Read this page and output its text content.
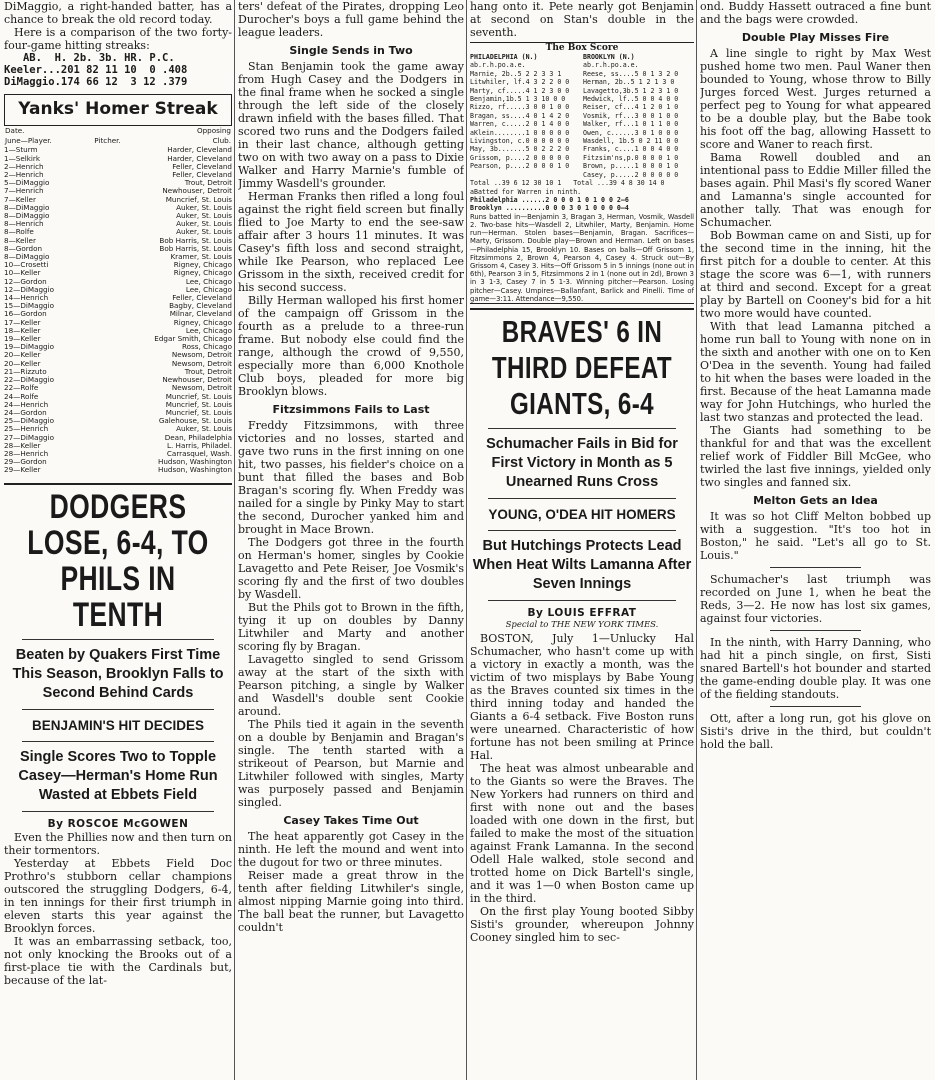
DiMaggio, a right-handed batter, has a chance to break the old record today.

Here is a comparison of the two forty-four-game hitting streaks:

AB.  H. 2b. 3b. HR. P.C.

Keeler...201 82 11 10  0 .408

DiMaggio.174 66 12  3 12 .379

Yanks' Homer Streak
Date.		Opposing
June—Player.	Pitcher.	Club.
1—Sturm	Harder, Cleveland	
1—Selkirk	Harder, Cleveland	
2—Henrich	Feller, Cleveland	
2—Henrich	Feller, Cleveland	
5—DiMaggio	Trout, Detroit	
7—Henrich	Newhouser, Detroit	
7—Keller	Muncrief, St. Louis	
8—DiMaggio	Auker, St. Louis	
8—DiMaggio	Auker, St. Louis	
8—Henrich	Auker, St. Louis	
8—Rolfe	Auker, St. Louis	
8—Keller	Bob Harris, St. Louis	
8—Gordon	Bob Harris, St. Louis	
8—DiMaggio	Kramer, St. Louis	
10—Crosetti	Rigney, Chicago	
10—Keller	Rigney, Chicago	
12—Gordon	Lee, Chicago	
12—DiMaggio	Lee, Chicago	
14—Henrich	Feller, Cleveland	
15—DiMaggio	Bagby, Cleveland	
16—Gordon	Milnar, Cleveland	
17—Keller	Rigney, Chicago	
18—Keller	Lee, Chicago	
19—Keller	Edgar Smith, Chicago	
19—DiMaggio	Ross, Chicago	
20—Keller	Newsom, Detroit	
20—Keller	Newsom, Detroit	
21—Rizzuto	Trout, Detroit	
22—DiMaggio	Newhouser, Detroit	
22—Rolfe	Newsom, Detroit	
24—Rolfe	Muncrief, St. Louis	
24—Henrich	Muncrief, St. Louis	
24—Gordon	Muncrief, St. Louis	
25—DiMaggio	Galehouse, St. Louis	
25—Henrich	Auker, St. Louis	
27—DiMaggio	Dean, Philadelphia	
28—Keller	L. Harris, Philadel.	
28—Henrich	Carrasquel, Wash.	
29—Gordon	Hudson, Washington	
29—Keller	Hudson, Washington	
DODGERS LOSE, 6-4, TO PHILS IN TENTH
Beaten by Quakers First Time This Season, Brooklyn Falls to Second Behind Cards
BENJAMIN'S HIT DECIDES
Single Scores Two to Topple Casey—Herman's Home Run Wasted at Ebbets Field
By ROSCOE McGOWEN

Even the Phillies now and then turn on their tormentors.

Yesterday at Ebbets Field Doc Prothro's stubborn cellar champions outscored the struggling Dodgers, 6-4, in ten innings for their first triumph in eleven starts this year against the Brooklyn forces.

It was an embarrassing setback, too, not only knocking the Brooks out of a first-place tie with the Cardinals but, because of the lat-

ters' defeat of the Pirates, dropping Leo Durocher's boys a full game behind the league leaders.

Single Sends in Two

Stan Benjamin took the game away from Hugh Casey and the Dodgers in the final frame when he socked a single through the left side of the closely drawn infield with the bases filled. That scored two runs and the Dodgers failed in their last chance, although getting two on with two away on a pass to Dixie Walker and Harry Marnie's fumble of Jimmy Wasdell's grounder.

Herman Franks then rifled a long foul against the right field screen but finally flied to Joe Marty to end the see-saw affair after 3 hours 11 minutes. It was Casey's fifth loss and second straight, while Ike Pearson, who replaced Lee Grissom in the sixth, received credit for his second success.

Billy Herman walloped his first homer of the campaign off Grissom in the fourth as a prelude to a three-run frame. But nobody else could find the range, although the crowd of 9,550, especially more than 6,000 Knothole Club boys, pleaded for more big Brooklyn blows.

Fitzsimmons Fails to Last

Freddy Fitzsimmons, with three victories and no losses, started and gave two runs in the first inning on one hit, two passes, his fielder's choice on a bunt that filled the bases and Bob Bragan's scoring fly. When Freddy was nailed for a single by Pinky May to start the second, Durocher yanked him and brought in Mace Brown.

The Dodgers got three in the fourth on Herman's homer, singles by Cookie Lavagetto and Pete Reiser, Joe Vosmik's scoring fly and the first of two doubles by Wasdell.

But the Phils got to Brown in the fifth, tying it up on doubles by Danny Litwhiler and Marty and another scoring fly by Bragan.

Lavagetto singled to send Grissom away at the start of the sixth with Pearson pitching, a single by Walker and Wasdell's double sent Cookie around.

The Phils tied it again in the seventh on a double by Benjamin and Bragan's single. The tenth started with a strikeout of Pearson, but Marnie and Litwhiler followed with singles, Marty was purposely passed and Benjamin singled.

Casey Takes Time Out

The heat apparently got Casey in the ninth. He left the mound and went into the dugout for two or three minutes.

Reiser made a great throw in the tenth after fielding Litwhiler's single, almost nipping Marnie going into third. The ball beat the runner, but Lavagetto couldn't

hang onto it. Pete nearly got Benjamin at second on Stan's double in the seventh.

The Box Score
PHILADELPHIA (N.)
ab.r.h.po.a.e.
Marnie, 2b..5 2 2 3 3 1
Litwhiler, lf.4 3 2 2 0 0
Marty, cf.....4 1 2 3 0 0
Benjamin,1b.5 1 3 10 0 0
Rizzo, rf.....3 0 0 1 0 0
Bragan, ss....4 0 1 4 2 0
Warren, c.....2 0 1 4 0 0
aKlein........1 0 0 0 0 0
Livingston, c.0 0 0 0 0 0
May, 3b.......5 0 2 2 2 0
Grissom, p....2 0 0 0 0 0
Pearson, p....2 0 0 0 1 0
BROOKLYN (N.)
ab.r.h.po.a.e.
Reese, ss....5 0 1 3 2 0
Herman, 2b..5 1 2 1 3 0
Lavagetto,3b.5 1 2 3 1 0
Medwick, lf..5 0 0 4 0 0
Reiser, cf...4 1 2 0 1 0
Vosmik, rf...3 0 0 1 0 0
Walker, rf...1 0 1 1 0 0
Owen, c......3 0 1 0 0 0
Wasdell, 1b.5 0 2 11 0 0
Franks, c....1 0 0 4 0 0
Fitzsim'ns,p.0 0 0 0 1 0
Brown, p.....1 0 0 0 1 0
Casey, p.....2 0 0 0 0 0
Total ..39 6 12 30 10 1   Total ...39 4 8 30 14 0
aBatted for Warren in ninth.
Philadelphia ......2 0 0 0 1 0 1 0 0 2—6
Brooklyn ..........0 0 0 3 0 1 0 0 0 0—4

Runs batted in—Benjamin 3, Bragan 3, Herman, Vosmik, Wasdell 2. Two-base hits—Wasdell 2, Litwhiler, Marty, Benjamin. Home run—Herman. Stolen bases—Benjamin, Bragan. Sacrifices—Marty, Grissom. Double play—Brown and Herman. Left on bases—Philadelphia 15, Brooklyn 10. Bases on balls—Off Grissom 1, Fitzsimmons 2, Brown 4, Pearson 4, Casey 4. Struck out—By Grissom 4, Casey 3. Hits—Off Grissom 5 in 5 innings (none out in 6th), Pearson 3 in 5, Fitzsimmons 2 in 1 (none out in 2d), Brown 3 in 3 1-3, Casey 7 in 5 1-3. Winning pitcher—Pearson. Losing pitcher—Casey. Umpires—Ballanfant, Barlick and Pinelli. Time of game—3:11. Attendance—9,550.

BRAVES' 6 IN THIRD DEFEAT GIANTS, 6-4
Schumacher Fails in Bid for First Victory in Month as 5 Unearned Runs Cross
YOUNG, O'DEA HIT HOMERS
But Hutchings Protects Lead When Heat Wilts Lamanna After Seven Innings
By LOUIS EFFRAT
Special to THE NEW YORK TIMES.

BOSTON, July 1—Unlucky Hal Schumacher, who hasn't come up with a victory in exactly a month, was the victim of two misplays by Babe Young as the Braves counted six times in the third inning today and handed the Giants a 6-4 setback. Five Boston runs were unearned. Characteristic of how fortune has not been smiling at Prince Hal.

The heat was almost unbearable and to the Giants so were the Braves. The New Yorkers had runners on third and first with none out and the bases loaded with one down in the first, but failed to make the most of the situation against Frank Lamanna. In the second Odell Hale walked, stole second and trotted home on Dick Bartell's single, and it was 1—0 when Boston came up in the third.

On the first play Young booted Sibby Sisti's grounder, whereupon Johnny Cooney singled him to sec-

ond. Buddy Hassett outraced a fine bunt and the bags were crowded.

Double Play Misses Fire

A line single to right by Max West pushed home two men. Paul Waner then bounded to Young, whose throw to Billy Jurges forced West. Jurges returned a perfect peg to Young for what appeared to be a double play, but the Babe took his foot off the bag, allowing Hassett to score and Waner to reach first.

Bama Rowell doubled and an intentional pass to Eddie Miller filled the bases again. Phil Masi's fly scored Waner and Lamanna's single accounted for another tally. That was enough for Schumacher.

Bob Bowman came on and Sisti, up for the second time in the inning, hit the first pitch for a double to center. At this stage the score was 6—1, with runners at third and second. Except for a great play by Bartell on Cooney's bid for a hit two more would have counted.

With that lead Lamanna pitched a home run ball to Young with none on in the sixth and another with one on to Ken O'Dea in the seventh. Young had failed to hit when the bases were loaded in the first. Because of the heat Lamanna made way for John Hutchings, who hurled the last two stanzas and protected the lead.

The Giants had something to be thankful for and that was the excellent relief work of Fiddler Bill McGee, who twirled the last five innings, yielded only two singles and fanned six.

Melton Gets an Idea

It was so hot Cliff Melton bobbed up with a suggestion. "It's too hot in Boston," he said. "Let's all go to St. Louis."

Schumacher's last triumph was recorded on June 1, when he beat the Reds, 3—2. He now has lost six games, against four victories.

In the ninth, with Harry Danning, who had hit a pinch single, on first, Sisti snared Bartell's hot bounder and started the game-ending double play. It was one of the fielding standouts.

Ott, after a long run, got his glove on Sisti's drive in the third, but couldn't hold the ball.
